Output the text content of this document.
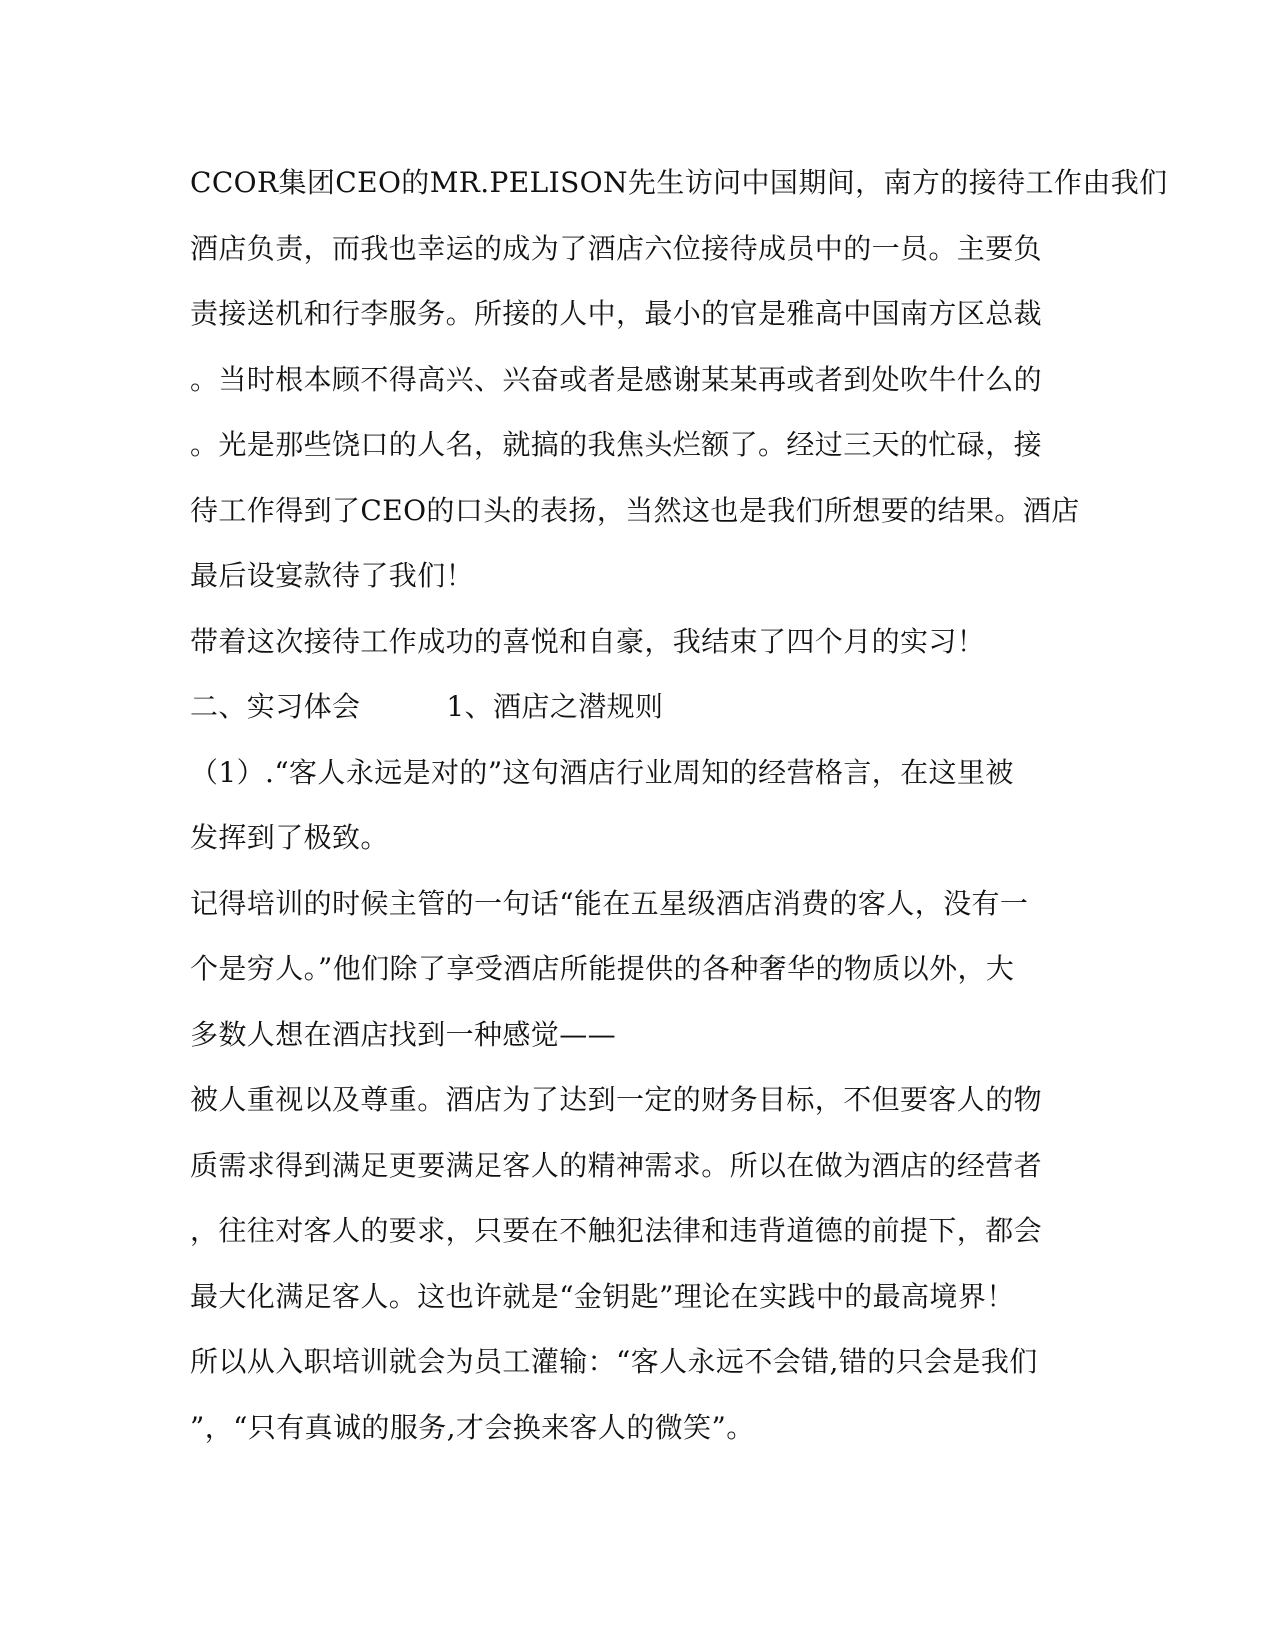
CCOR集团CEO的MR.PELISON先生访问中国期间，南方的接待工作由我们
酒店负责，而我也幸运的成为了酒店六位接待成员中的一员。主要负
责接送机和行李服务。所接的人中，最小的官是雅高中国南方区总裁
。当时根本顾不得高兴、兴奋或者是感谢某某再或者到处吹牛什么的
。光是那些饶口的人名，就搞的我焦头烂额了。经过三天的忙碌，接
待工作得到了CEO的口头的表扬，当然这也是我们所想要的结果。酒店
最后设宴款待了我们！
带着这次接待工作成功的喜悦和自豪，我结束了四个月的实习！
二、实习体会	1、酒店之潜规则
（1）.“客人永远是对的”这句酒店行业周知的经营格言，在这里被
发挥到了极致。
记得培训的时候主管的一句话“能在五星级酒店消费的客人，没有一
个是穷人。”他们除了享受酒店所能提供的各种奢华的物质以外，大
多数人想在酒店找到一种感觉——
被人重视以及尊重。酒店为了达到一定的财务目标，不但要客人的物
质需求得到满足更要满足客人的精神需求。所以在做为酒店的经营者
，往往对客人的要求，只要在不触犯法律和违背道德的前提下，都会
最大化满足客人。这也许就是“金钥匙”理论在实践中的最高境界！
所以从入职培训就会为员工灌输：“客人永远不会错,错的只会是我们
”，“只有真诚的服务,才会换来客人的微笑”。
